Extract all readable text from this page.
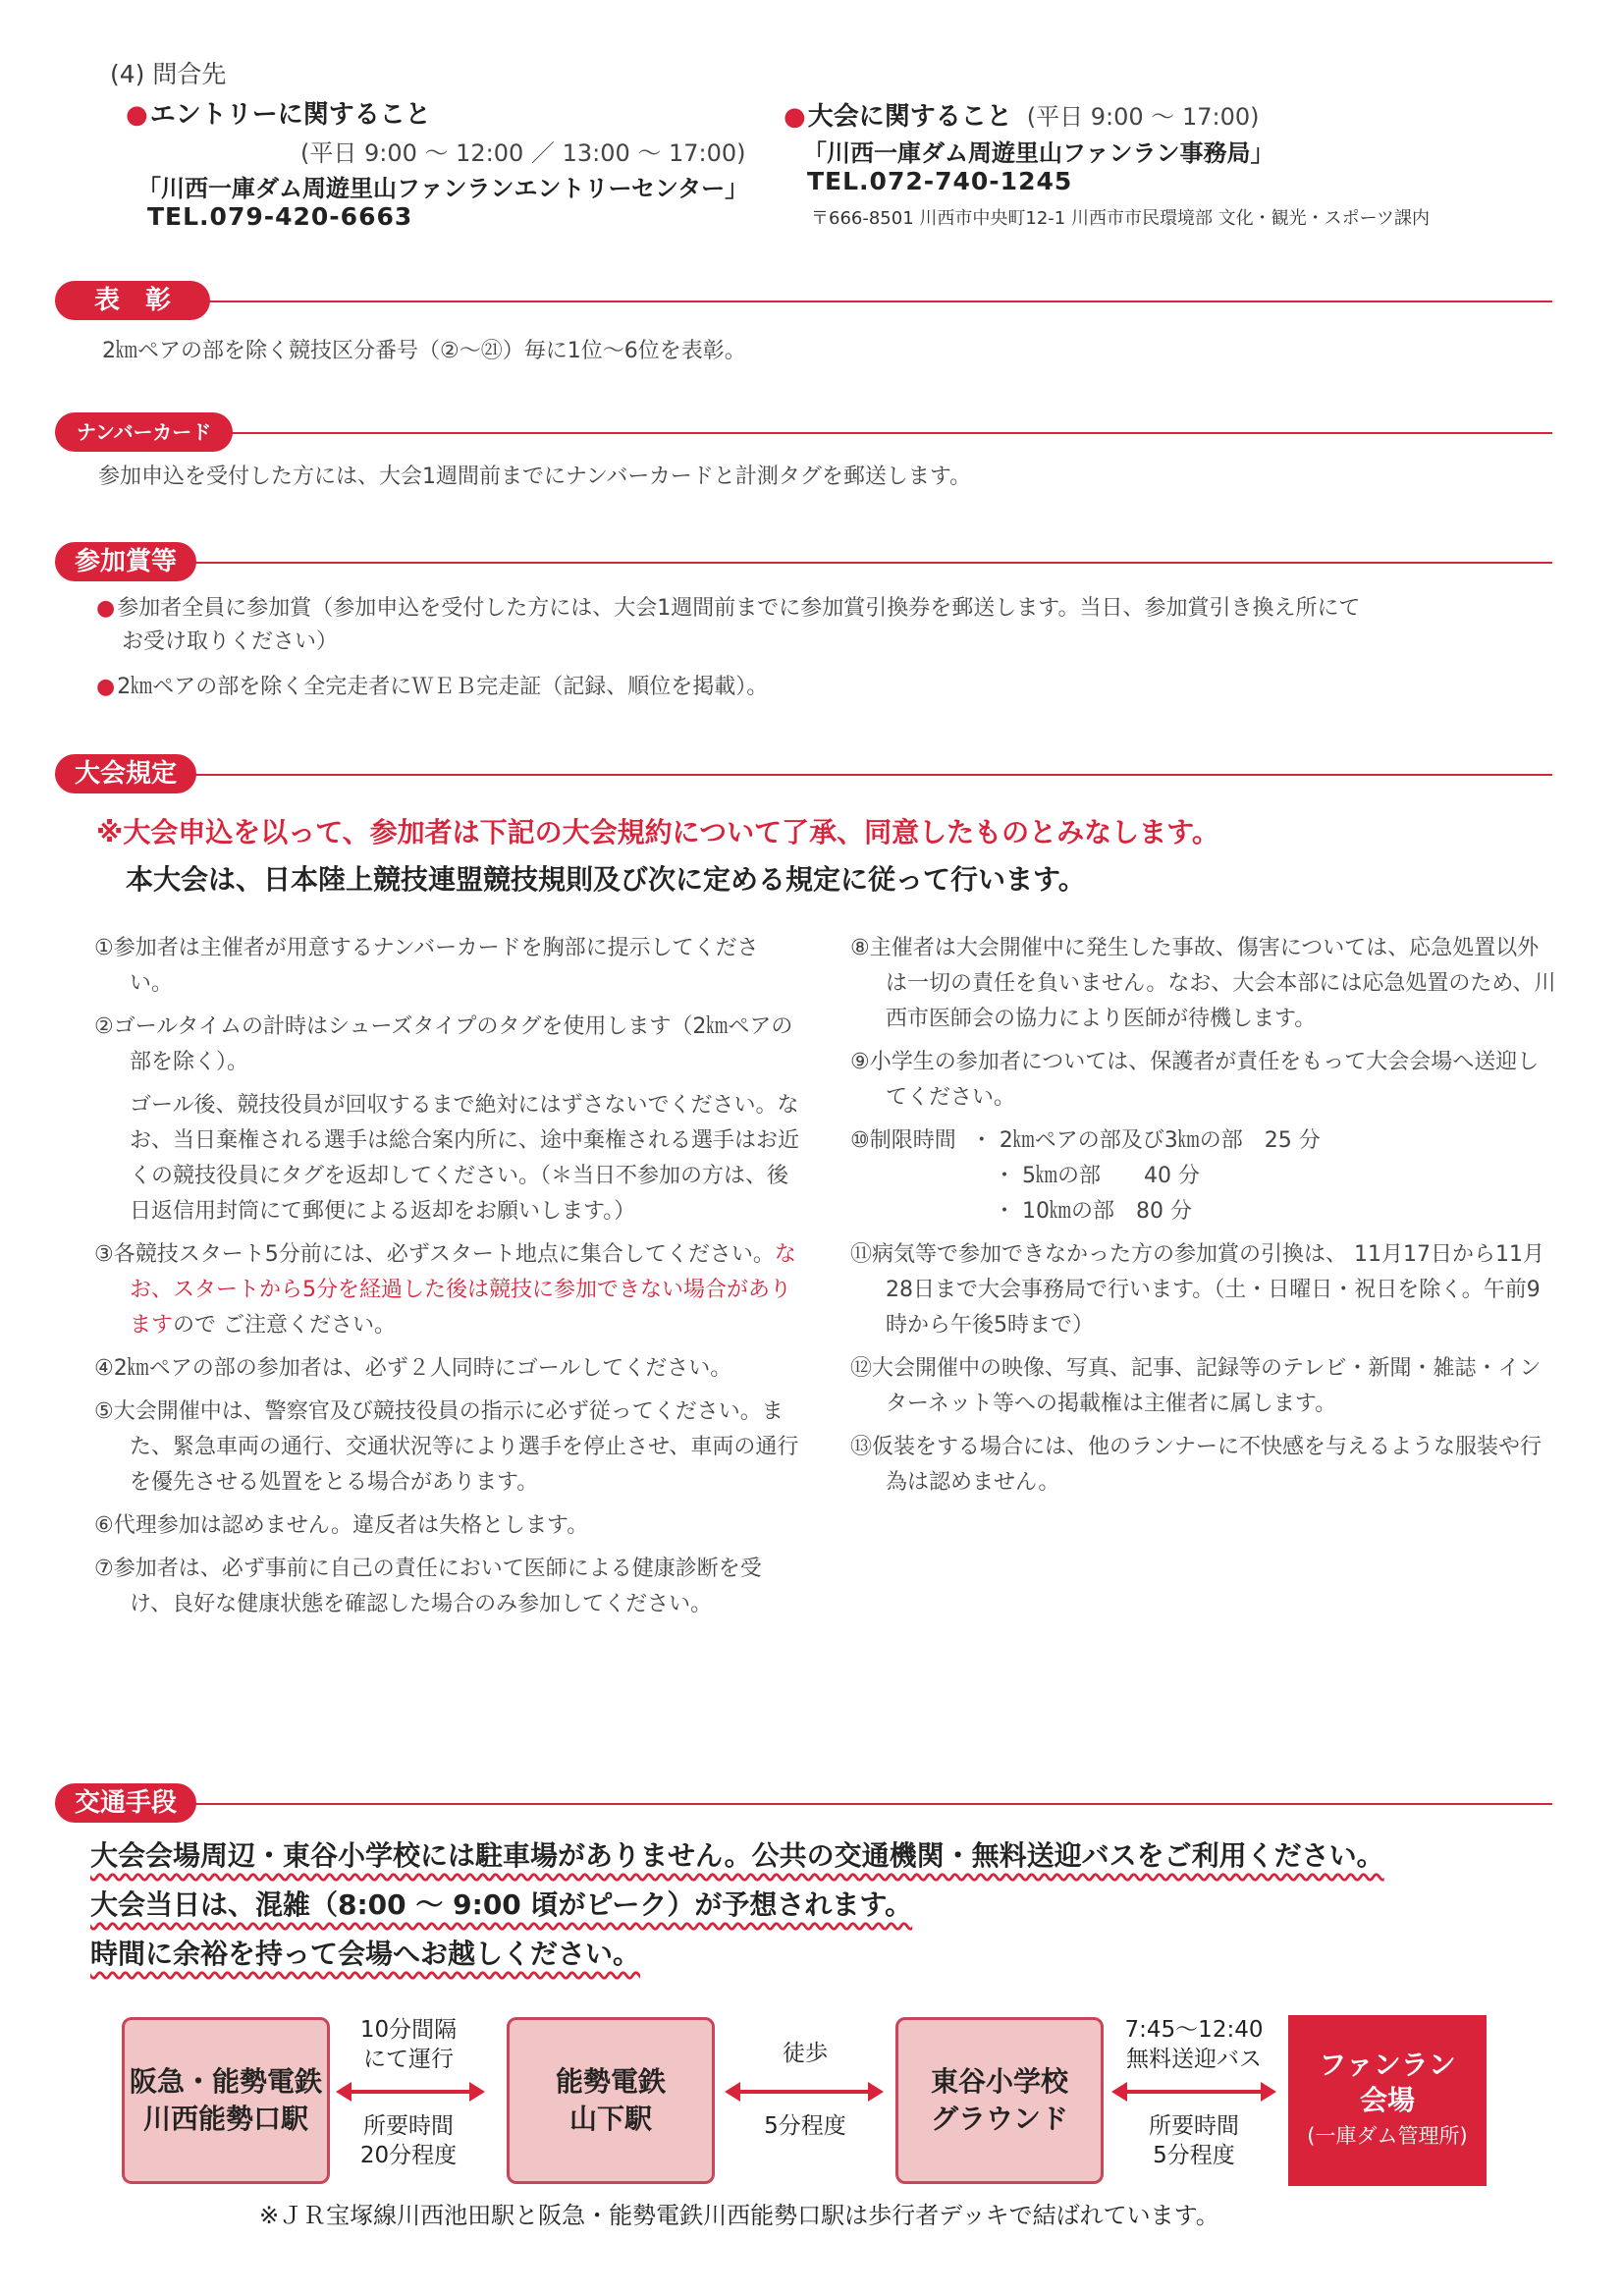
(4) 問合先
● エントリーに関すること
(平日 9:00 ～ 12:00 ／ 13:00 ～ 17:00)
「川西一庫ダム周遊里山ファンランエントリーセンター」
TEL.079-420-6663
● 大会に関すること (平日 9:00 ～ 17:00)
「川西一庫ダム周遊里山ファンラン事務局」
TEL.072-740-1245
〒666-8501 川西市中央町12-1 川西市市民環境部 文化・観光・スポーツ課内
表　彰
2㎞ペアの部を除く競技区分番号（②～㉑）毎に1位～6位を表彰。
ナンバーカード
参加申込を受付した方には、大会1週間前までにナンバーカードと計測タグを郵送します。
参加賞等
● 参加者全員に参加賞（参加申込を受付した方には、大会1週間前までに参加賞引換券を郵送します。当日、参加賞引き換え所にて
お受け取りください）
● 2㎞ペアの部を除く全完走者にＷＥＢ完走証（記録、順位を掲載）。
大会規定
※大会申込を以って、参加者は下記の大会規約について了承、同意したものとみなします。
本大会は、日本陸上競技連盟競技規則及び次に定める規定に従って行います。
①参加者は主催者が用意するナンバーカードを胸部に提示してください。
②ゴールタイムの計時はシューズタイプのタグを使用します（2㎞ペアの部を除く）。
ゴール後、競技役員が回収するまで絶対にはずさないでください。なお、当日棄権される選手は総合案内所に、途中棄権される選手はお近くの競技役員にタグを返却してください。（＊当日不参加の方は、後日返信用封筒にて郵便による返却をお願いします。）
③各競技スタート5分前には、必ずスタート地点に集合してください。なお、スタートから5分を経過した後は競技に参加できない場合がありますので ご注意ください。
④2㎞ペアの部の参加者は、必ず２人同時にゴールしてください。
⑤大会開催中は、警察官及び競技役員の指示に必ず従ってください。また、緊急車両の通行、交通状況等により選手を停止させ、車両の通行を優先させる処置をとる場合があります。
⑥代理参加は認めません。違反者は失格とします。
⑦参加者は、必ず事前に自己の責任において医師による健康診断を受け、良好な健康状態を確認した場合のみ参加してください。
⑧主催者は大会開催中に発生した事故、傷害については、応急処置以外は一切の責任を負いません。なお、大会本部には応急処置のため、川西市医師会の協力により医師が待機します。
⑨小学生の参加者については、保護者が責任をもって大会会場へ送迎してください。
⑩制限時間 ・ 2㎞ペアの部及び3㎞の部　25 分
・ 5㎞の部　　40 分
・ 10㎞の部　80 分
⑪病気等で参加できなかった方の参加賞の引換は、 11月17日から11月28日まで大会事務局で行います。（土・日曜日・祝日を除く。午前9時から午後5時まで）
⑫大会開催中の映像、写真、記事、記録等のテレビ・新聞・雑誌・インターネット等への掲載権は主催者に属します。
⑬仮装をする場合には、他のランナーに不快感を与えるような服装や行為は認めません。
交通手段
大会会場周辺・東谷小学校には駐車場がありません。公共の交通機関・無料送迎バスをご利用ください。
大会当日は、混雑（8:00 ～ 9:00 頃がピーク）が予想されます。
時間に余裕を持って会場へお越しください。
阪急・能勢電鉄
川西能勢口駅
10分間隔
にて運行
所要時間
20分程度
能勢電鉄
山下駅
徒歩
5分程度
東谷小学校
グラウンド
7:45～12:40
無料送迎バス
所要時間
5分程度
ファンラン
会場
(一庫ダム管理所)
※ＪＲ宝塚線川西池田駅と阪急・能勢電鉄川西能勢口駅は歩行者デッキで結ばれています。
